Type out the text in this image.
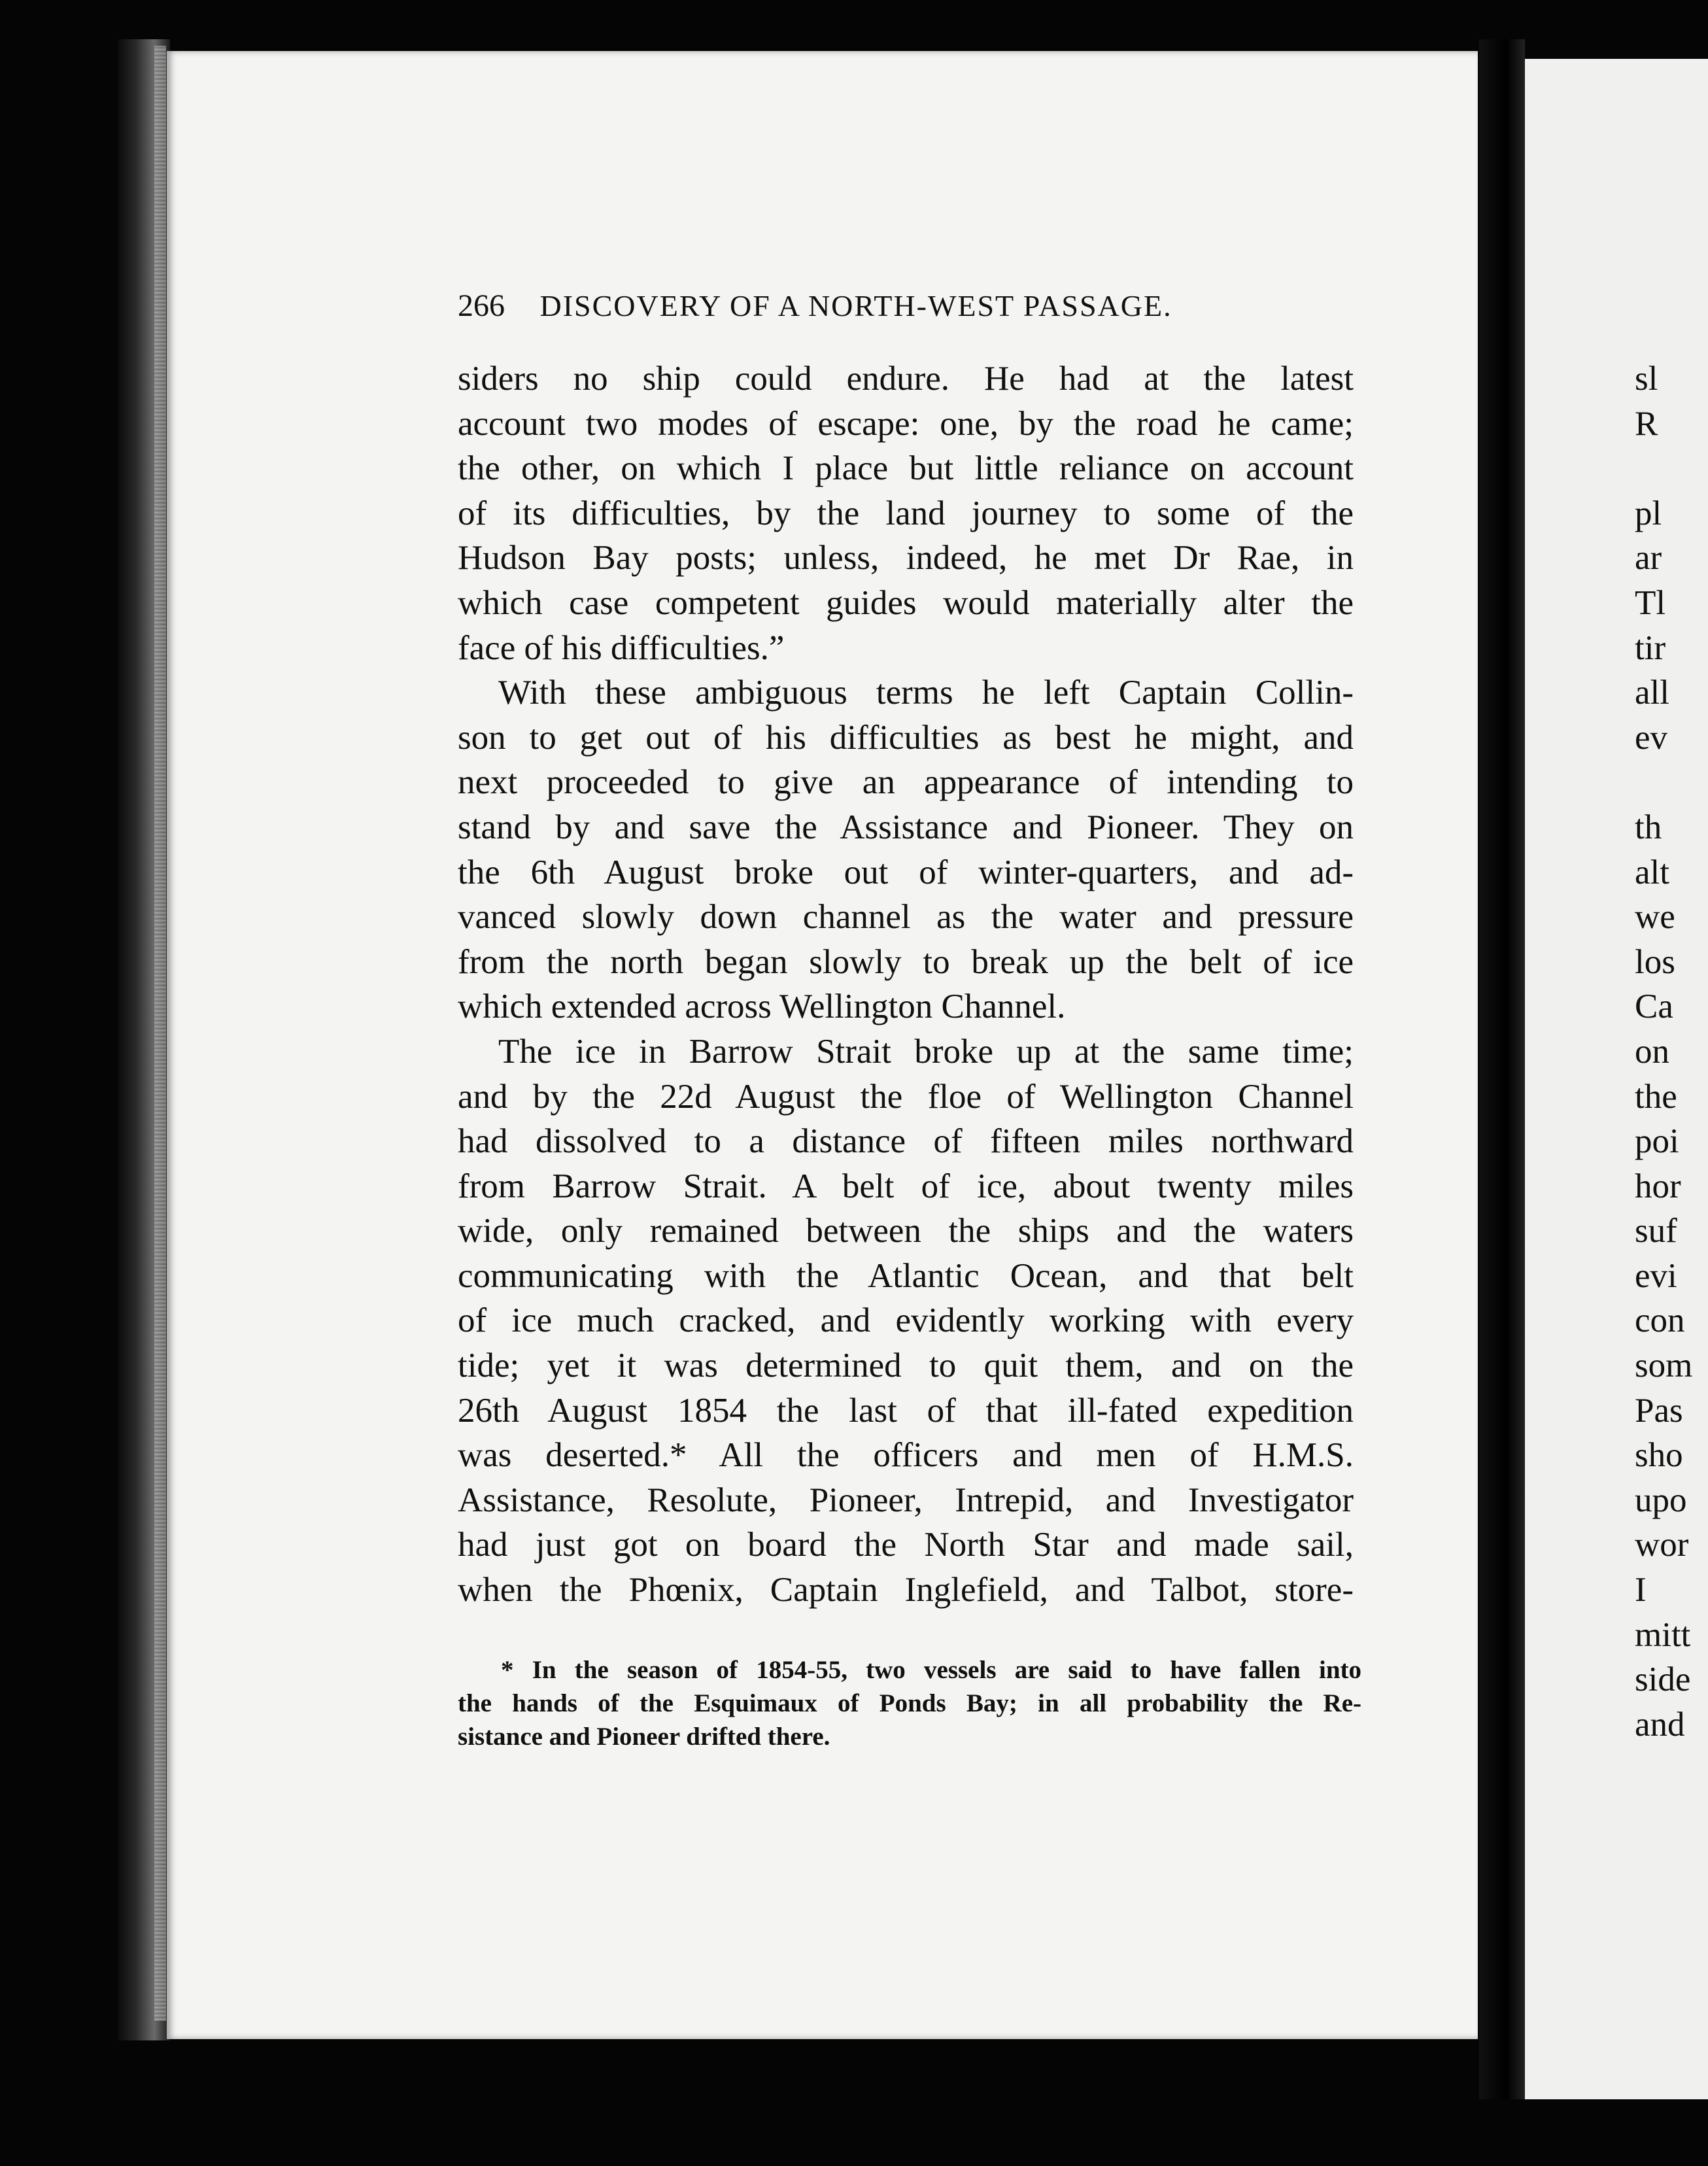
266 DISCOVERY OF A NORTH-WEST PASSAGE.
siders no ship could endure. He had at the latest
account two modes of escape: one, by the road he came;
the other, on which I place but little reliance on account
of its difficulties, by the land journey to some of the
Hudson Bay posts; unless, indeed, he met Dr Rae, in
which case competent guides would materially alter the
face of his difficulties.”
With these ambiguous terms he left Captain Collin-
son to get out of his difficulties as best he might, and
next proceeded to give an appearance of intending to
stand by and save the Assistance and Pioneer. They on
the 6th August broke out of winter-quarters, and ad-
vanced slowly down channel as the water and pressure
from the north began slowly to break up the belt of ice
which extended across Wellington Channel.
The ice in Barrow Strait broke up at the same time;
and by the 22d August the floe of Wellington Channel
had dissolved to a distance of fifteen miles northward
from Barrow Strait. A belt of ice, about twenty miles
wide, only remained between the ships and the waters
communicating with the Atlantic Ocean, and that belt
of ice much cracked, and evidently working with every
tide; yet it was determined to quit them, and on the
26th August 1854 the last of that ill-fated expedition
was deserted.* All the officers and men of H.M.S.
Assistance, Resolute, Pioneer, Intrepid, and Investigator
had just got on board the North Star and made sail,
when the Phœnix, Captain Inglefield, and Talbot, store-
* In the season of 1854-55, two vessels are said to have fallen into
the hands of the Esquimaux of Ponds Bay; in all probability the Re-
sistance and Pioneer drifted there.
sl
R
pl
ar
Tl
tir
all
ev
th
alt
we
los
Ca
on
the
poi
hor
suf
evi
con
som
Pas
sho
upo
wor
I
mitt
side
and
